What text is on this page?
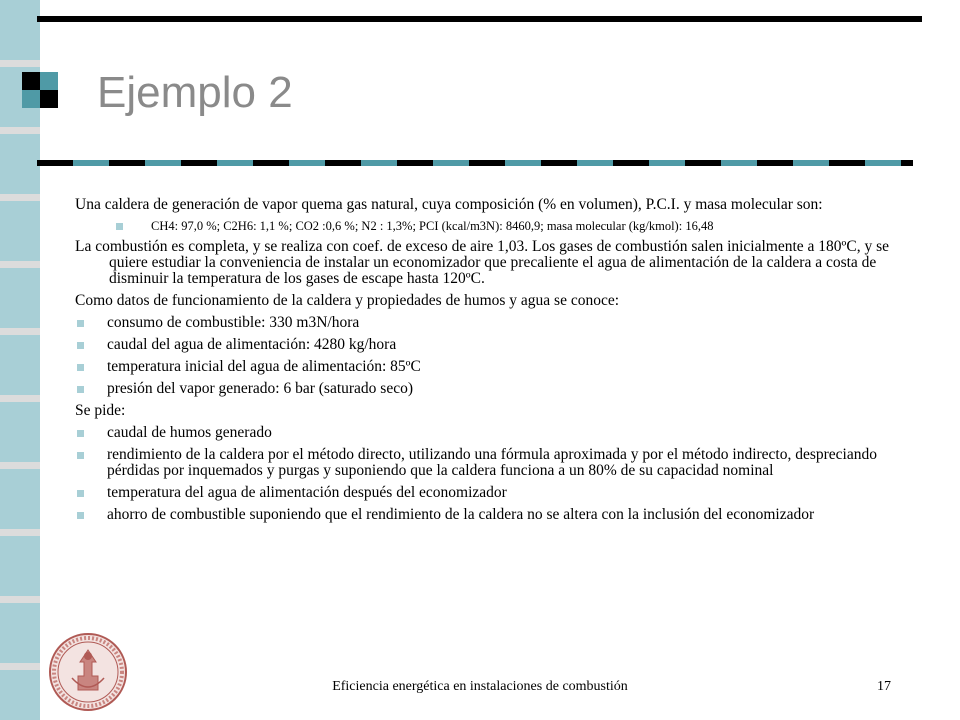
Ejemplo 2

Una caldera de generación de vapor quema gas natural, cuya composición (% en volumen), P.C.I. y masa molecular son:

CH4: 97,0 %; C2H6: 1,1 %; CO2 :0,6 %; N2 : 1,3%; PCI (kcal/m3N): 8460,9; masa molecular (kg/kmol): 16,48

La combustión es completa, y se realiza con coef. de exceso de aire 1,03. Los gases de combustión salen inicialmente a 180ºC, y se quiere estudiar la conveniencia de instalar un economizador que precaliente el agua de alimentación de la caldera a costa de disminuir la temperatura de los gases de escape hasta 120ºC.

Como datos de funcionamiento de la caldera y propiedades de humos y agua se conoce:

consumo de combustible: 330 m3N/hora
caudal del agua de alimentación: 4280 kg/hora
temperatura inicial del agua de alimentación: 85ºC
presión del vapor generado: 6 bar (saturado seco)

Se pide:

caudal de humos generado
rendimiento de la caldera por el método directo, utilizando una fórmula aproximada y por el método indirecto, despreciando pérdidas por inquemados y purgas y suponiendo que la caldera funciona a un 80% de su capacidad nominal
temperatura del agua de alimentación después del economizador
ahorro de combustible suponiendo que el rendimiento de la caldera no se altera con la inclusión del economizador
Eficiencia energética en instalaciones de combustión	17
